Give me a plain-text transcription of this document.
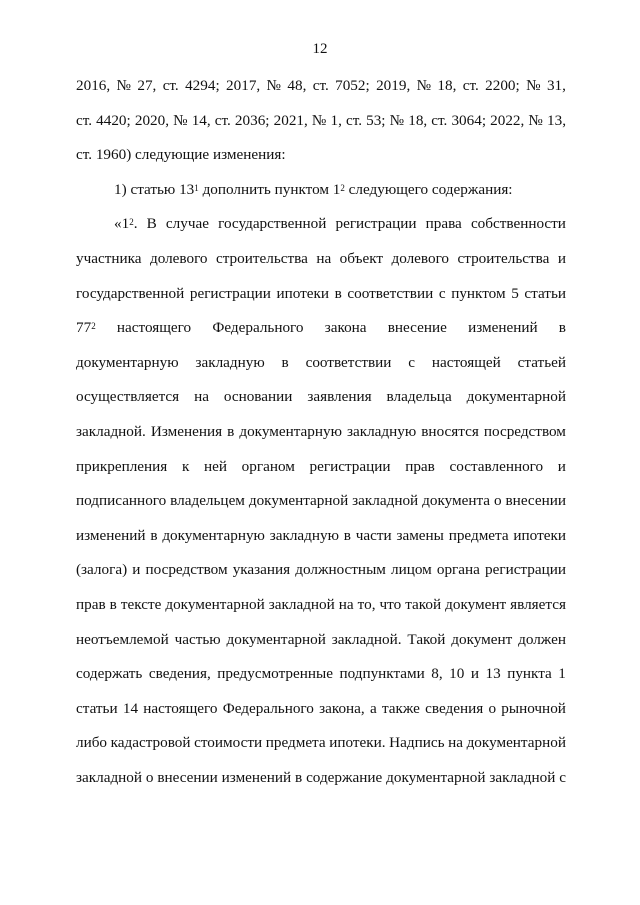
12
2016, № 27, ст. 4294; 2017, № 48, ст. 7052; 2019, № 18, ст. 2200; № 31,
ст. 4420; 2020, № 14, ст. 2036; 2021, № 1, ст. 53; № 18, ст. 3064; 2022, № 13,
ст. 1960) следующие изменения:
1) статью $13^1$ дополнить пунктом $1^2$ следующего содержания:
«$1^2$. В случае государственной регистрации права собственности
участника долевого строительства на объект долевого строительства и
государственной регистрации ипотеки в соответствии с пунктом 5 статьи
$77^2$ настоящего Федерального закона внесение изменений в
документарную закладную в соответствии с настоящей статьей
осуществляется на основании заявления владельца документарной
закладной. Изменения в документарную закладную вносятся посредством
прикрепления к ней органом регистрации прав составленного и
подписанного владельцем документарной закладной документа о внесении
изменений в документарную закладную в части замены предмета ипотеки
(залога) и посредством указания должностным лицом органа регистрации
прав в тексте документарной закладной на то, что такой документ является
неотъемлемой частью документарной закладной. Такой документ должен
содержать сведения, предусмотренные подпунктами 8, 10 и 13 пункта 1
статьи 14 настоящего Федерального закона, а также сведения о рыночной
либо кадастровой стоимости предмета ипотеки. Надпись на документарной
закладной о внесении изменений в содержание документарной закладной с
